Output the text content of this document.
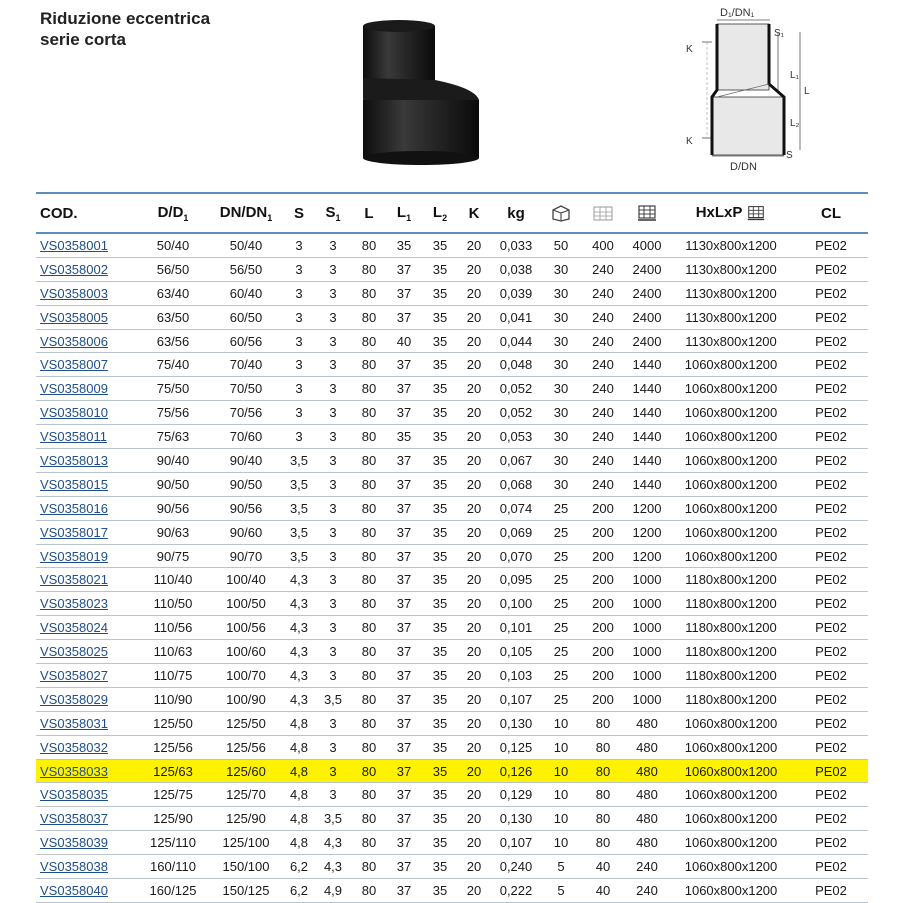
Riduzione eccentrica
serie corta
D₁/DN₁
S₁
K
L₁
L
L₂
K
D/DN
S
COD.	$D/D_1$	$DN/DN_1$	S	$S_1$	L	$L_1$	$L_2$	K	kg				HxLxP	CL
VS0358001	50/40	50/40	3	3	80	35	35	20	0,033	50	400	4000	1130x800x1200	PE02
VS0358002	56/50	56/50	3	3	80	37	35	20	0,038	30	240	2400	1130x800x1200	PE02
VS0358003	63/40	60/40	3	3	80	37	35	20	0,039	30	240	2400	1130x800x1200	PE02
VS0358005	63/50	60/50	3	3	80	37	35	20	0,041	30	240	2400	1130x800x1200	PE02
VS0358006	63/56	60/56	3	3	80	40	35	20	0,044	30	240	2400	1130x800x1200	PE02
VS0358007	75/40	70/40	3	3	80	37	35	20	0,048	30	240	1440	1060x800x1200	PE02
VS0358009	75/50	70/50	3	3	80	37	35	20	0,052	30	240	1440	1060x800x1200	PE02
VS0358010	75/56	70/56	3	3	80	37	35	20	0,052	30	240	1440	1060x800x1200	PE02
VS0358011	75/63	70/60	3	3	80	35	35	20	0,053	30	240	1440	1060x800x1200	PE02
VS0358013	90/40	90/40	3,5	3	80	37	35	20	0,067	30	240	1440	1060x800x1200	PE02
VS0358015	90/50	90/50	3,5	3	80	37	35	20	0,068	30	240	1440	1060x800x1200	PE02
VS0358016	90/56	90/56	3,5	3	80	37	35	20	0,074	25	200	1200	1060x800x1200	PE02
VS0358017	90/63	90/60	3,5	3	80	37	35	20	0,069	25	200	1200	1060x800x1200	PE02
VS0358019	90/75	90/70	3,5	3	80	37	35	20	0,070	25	200	1200	1060x800x1200	PE02
VS0358021	110/40	100/40	4,3	3	80	37	35	20	0,095	25	200	1000	1180x800x1200	PE02
VS0358023	110/50	100/50	4,3	3	80	37	35	20	0,100	25	200	1000	1180x800x1200	PE02
VS0358024	110/56	100/56	4,3	3	80	37	35	20	0,101	25	200	1000	1180x800x1200	PE02
VS0358025	110/63	100/60	4,3	3	80	37	35	20	0,105	25	200	1000	1180x800x1200	PE02
VS0358027	110/75	100/70	4,3	3	80	37	35	20	0,103	25	200	1000	1180x800x1200	PE02
VS0358029	110/90	100/90	4,3	3,5	80	37	35	20	0,107	25	200	1000	1180x800x1200	PE02
VS0358031	125/50	125/50	4,8	3	80	37	35	20	0,130	10	80	480	1060x800x1200	PE02
VS0358032	125/56	125/56	4,8	3	80	37	35	20	0,125	10	80	480	1060x800x1200	PE02
VS0358033	125/63	125/60	4,8	3	80	37	35	20	0,126	10	80	480	1060x800x1200	PE02
VS0358035	125/75	125/70	4,8	3	80	37	35	20	0,129	10	80	480	1060x800x1200	PE02
VS0358037	125/90	125/90	4,8	3,5	80	37	35	20	0,130	10	80	480	1060x800x1200	PE02
VS0358039	125/110	125/100	4,8	4,3	80	37	35	20	0,107	10	80	480	1060x800x1200	PE02
VS0358038	160/110	150/100	6,2	4,3	80	37	35	20	0,240	5	40	240	1060x800x1200	PE02
VS0358040	160/125	150/125	6,2	4,9	80	37	35	20	0,222	5	40	240	1060x800x1200	PE02
